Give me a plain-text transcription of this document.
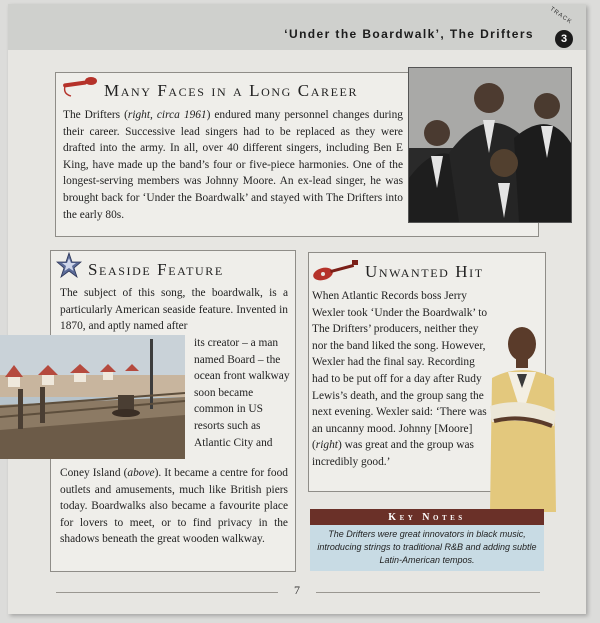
‘Under the Boardwalk’, The Drifters
TRACK
3
Many Faces in a Long Career
The Drifters (right, circa 1961) endured many personnel changes during their career. Successive lead singers had to be replaced as they were drafted into the army. In all, over 40 different singers, including Ben E King, have made up the band’s four or five-piece harmonies. One of the longest-serving members was Johnny Moore. An ex-lead singer, he was brought back for ‘Under the Boardwalk’ and stayed with The Drifters into the early 80s.
Seaside Feature
The subject of this song, the boardwalk, is a particularly American seaside feature. Invented in 1870, and aptly named after
its creator – a man named Board – the ocean front walkway soon became common in US resorts such as Atlantic City and
Coney Island (above). It became a centre for food outlets and amusements, much like British piers today. Boardwalks also became a favourite place for lovers to meet, or to find privacy in the shadows beneath the great wooden walkway.
Unwanted Hit
When Atlantic Records boss Jerry Wexler took ‘Under the Boardwalk’ to The Drifters’ producers, neither they nor the band liked the song. However, Wexler had the final say. Recording had to be put off for a day after Rudy Lewis’s death, and the group sang the next evening. Wexler said: ‘There was an uncanny mood. Johnny [Moore] (right) was great and the group was incredibly good.’
Key Notes
The Drifters were great innovators in black music, introducing strings to traditional R&B and adding subtle Latin-American tempos.
7
